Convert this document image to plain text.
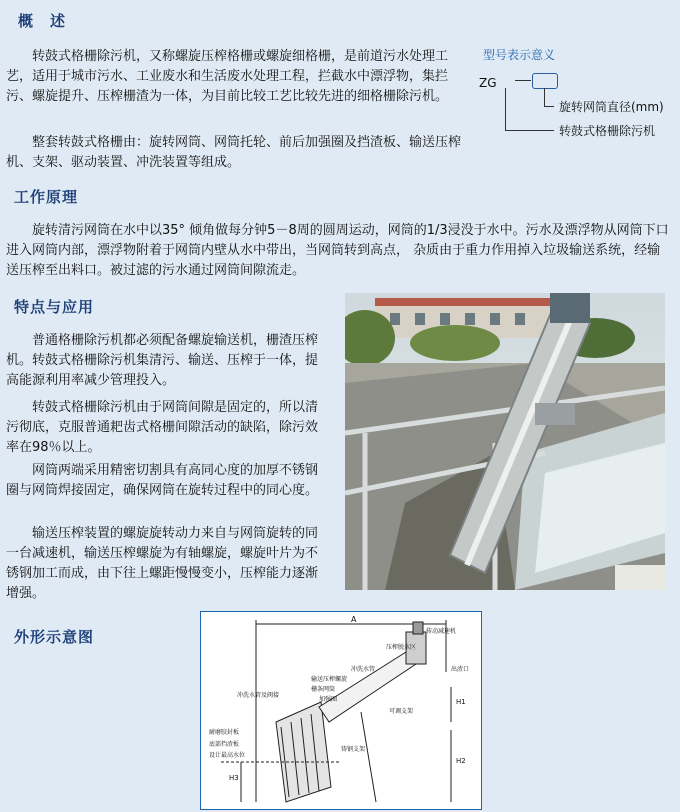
概　述
转鼓式格栅除污机，又称螺旋压榨格栅或螺旋细格栅，是前道污水处理工艺，适用于城市污水、工业废水和生活废水处理工程，拦截水中漂浮物，集拦污、螺旋提升、压榨栅渣为一体，为目前比较工艺比较先进的细格栅除污机。
整套转鼓式格栅由：旋转网筒、网筒托轮、前后加强圈及挡渣板、输送压榨机、支架、驱动装置、冲洗装置等组成。
型号表示意义
ZG
旋转网筒直径(mm)
转鼓式格栅除污机
工作原理
旋转清污网筒在水中以35° 倾角做每分钟5－8周的圆周运动，网筒的1/3浸没于水中。污水及漂浮物从网筒下口进入网筒内部，漂浮物附着于网筒内壁从水中带出，当网筒转到高点， 杂质由于重力作用掉入垃圾输送系统，经输送压榨至出料口。被过滤的污水通过网筒间隙流走。
特点与应用
普通格栅除污机都必须配备螺旋输送机，栅渣压榨机。转鼓式格栅除污机集清污、输送、压榨于一体，提高能源利用率减少管理投入。
转鼓式格栅除污机由于网筒间隙是固定的，所以清污彻底，克服普通耙齿式格栅间隙活动的缺陷，除污效率在98％以上。
网筒两端采用精密切割具有高同心度的加厚不锈钢圈与网筒焊接固定，确保网筒在旋转过程中的同心度。
输送压榨装置的螺旋旋转动力来自与网筒旋转的同一台减速机，输送压榨螺旋为有轴螺旋，螺旋叶片为不锈钢加工而成，由下往上螺距慢慢变小，压榨能力逐渐增强。
外形示意图
A
传动减速机
压榨脱水区
出渣口
冲洗水管
输送压榨螺旋
栅条网筒
加强圈
冲洗水管及阀接
可调支架
耐磨胶封板
底部挡渣板
设计最高水位
铸钢支架
H1
H2
H3
